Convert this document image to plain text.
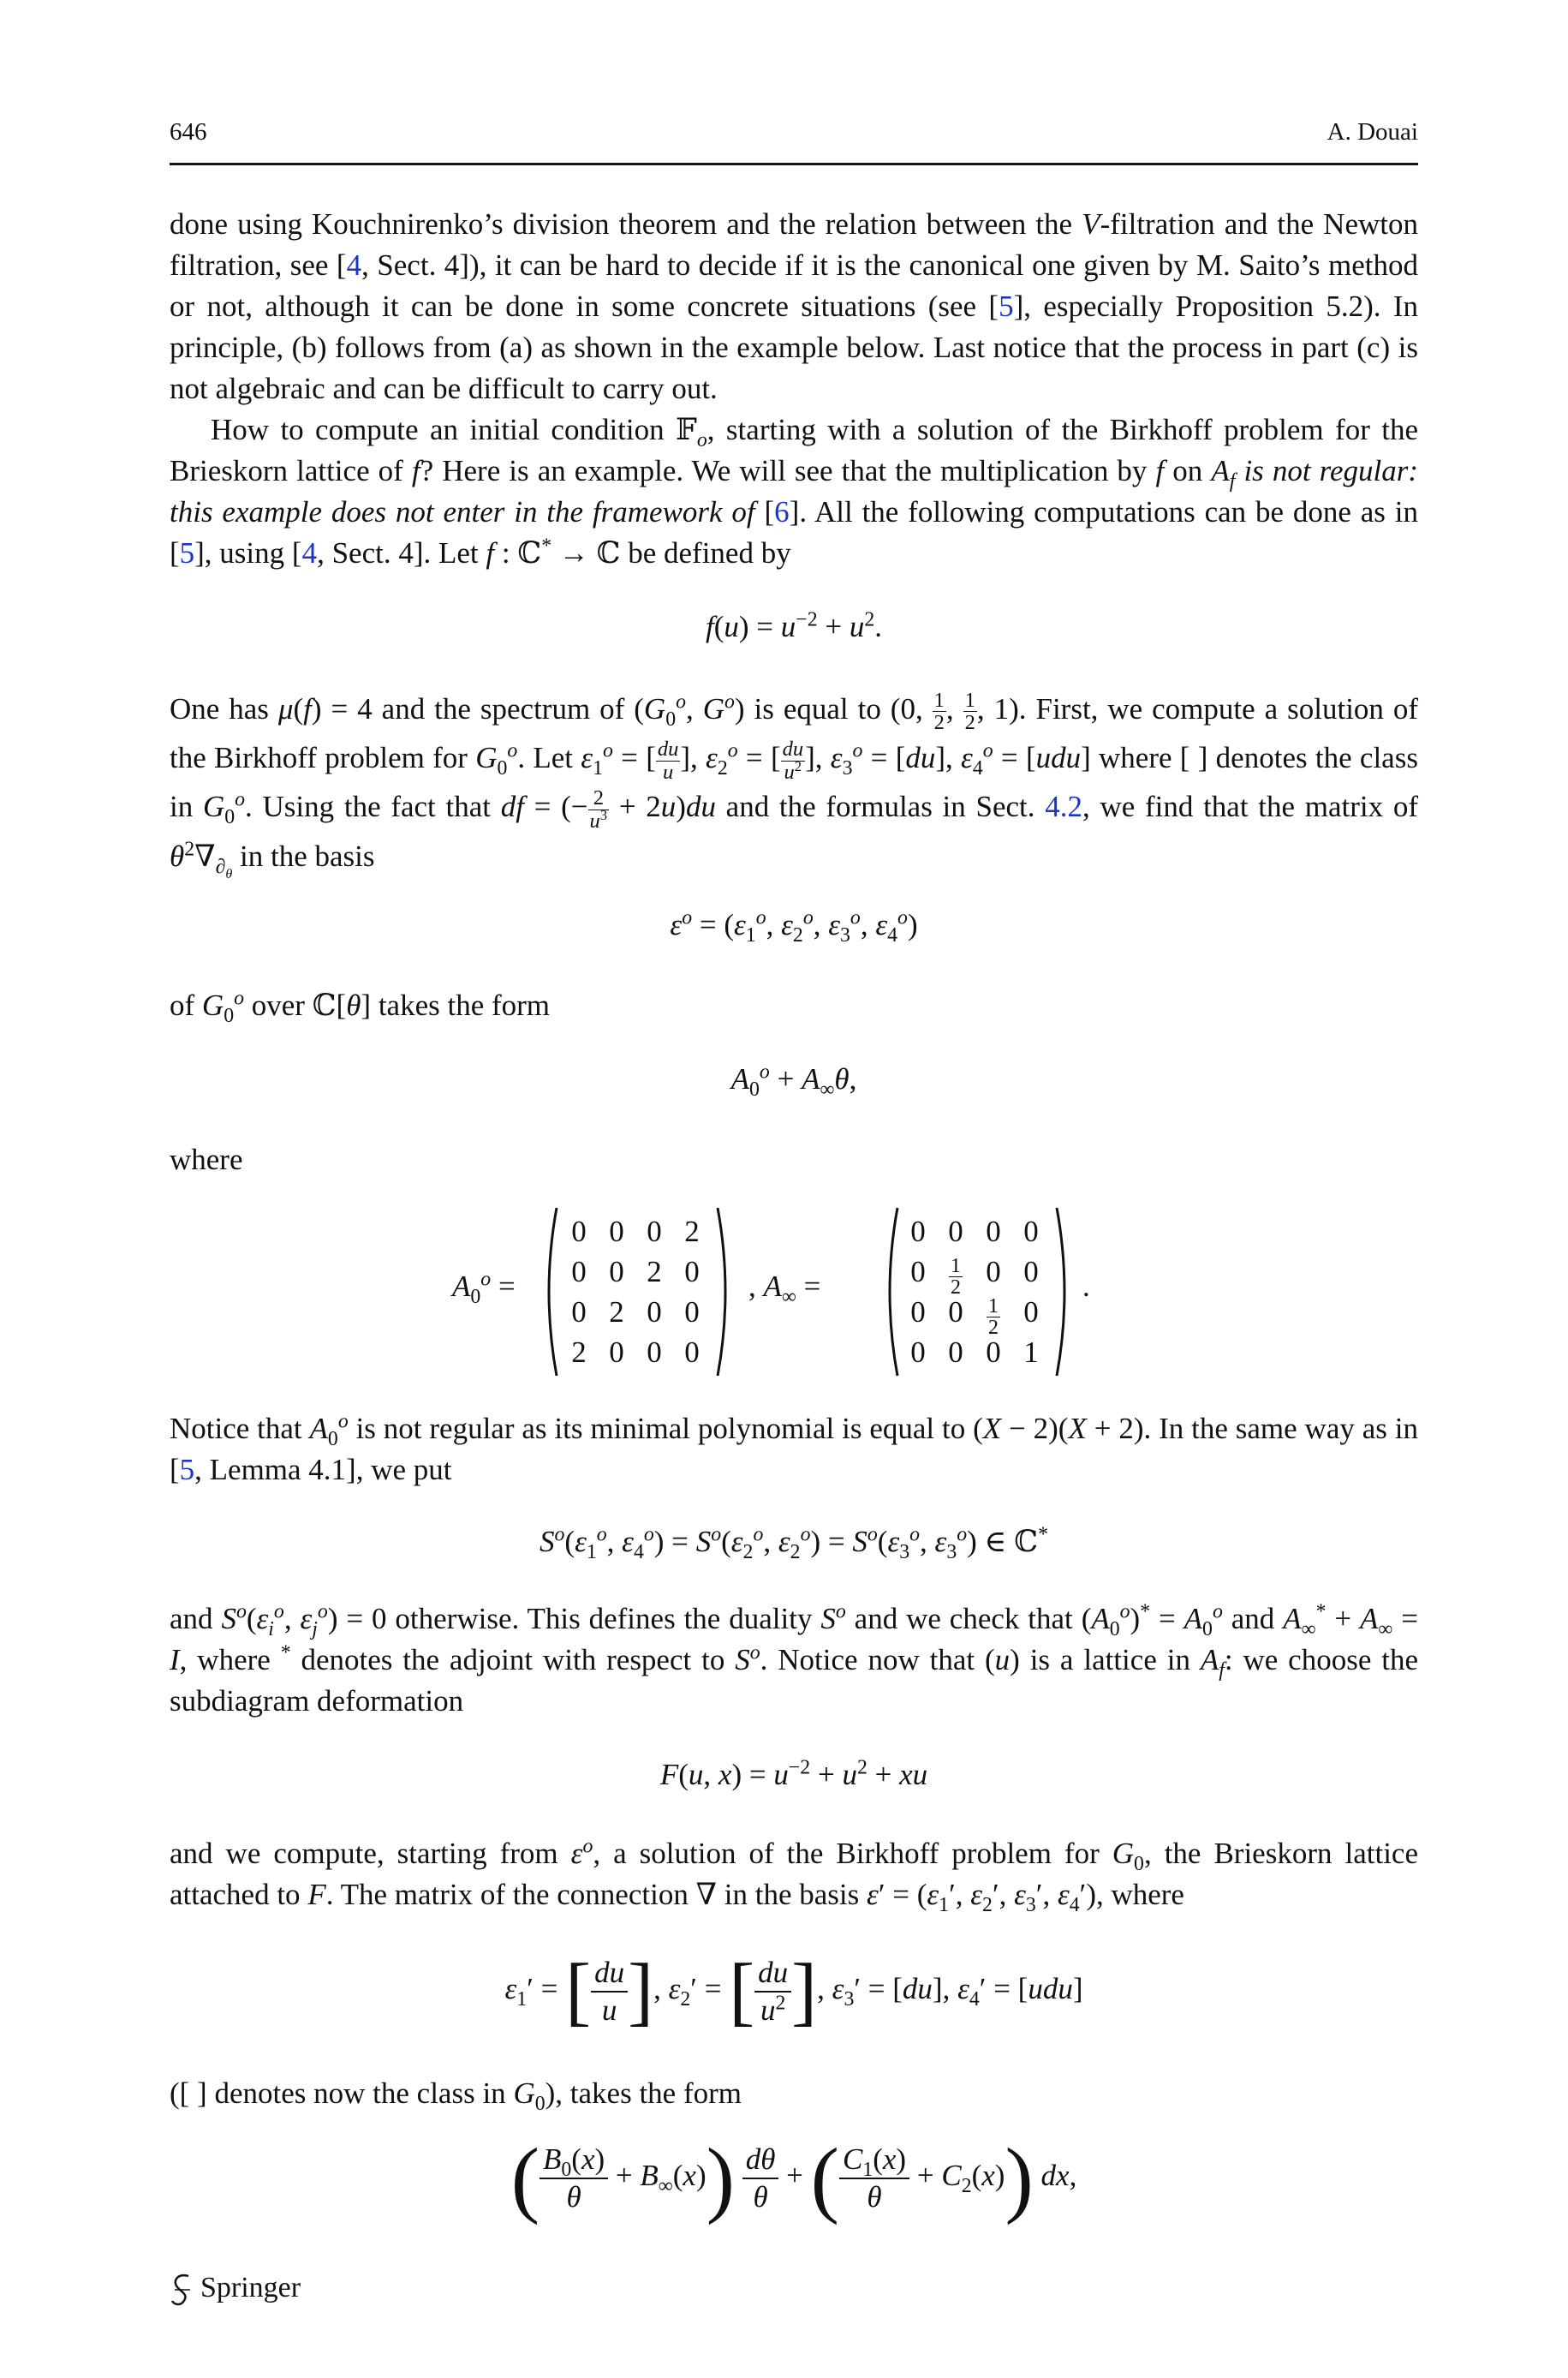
646	A. Douai

done using Kouchnirenko’s division theorem and the relation between the V-filtration and the Newton filtration, see [4, Sect. 4]), it can be hard to decide if it is the canonical one given by M. Saito’s method or not, although it can be done in some concrete situations (see [5], especially Proposition 5.2). In principle, (b) follows from (a) as shown in the example below. Last notice that the process in part (c) is not algebraic and can be difficult to carry out.

How to compute an initial condition 𝔽$_o$, starting with a solution of the Birkhoff problem for the Brieskorn lattice of f? Here is an example. We will see that the multiplication by f on $A_f$ is not regular: this example does not enter in the framework of [6]. All the following computations can be done as in [5], using [4, Sect. 4]. Let f : ℂ* → ℂ be defined by

$f(u) = u^{-2} + u^2$.

One has μ(f) = 4 and the spectrum of ($G_0^o$, $G^o$) is equal to (0, $\frac{1}{2}$ , $\frac{1}{2}$ , 1). First, we compute a solution of the Birkhoff problem for $G_0^o$. Let $\varepsilon_1^o$ = [ $\frac{du}{u}$ ], $\varepsilon_2^o$ = [ $\frac{du}{u^2}$ ], $\varepsilon_3^o = [du]$, $\varepsilon_4^o = [udu]$ where [ ] denotes the class in $G_0^o$. Using the fact that df = (− $\frac{2}{u^3} + 2u)du$ and the formulas in Sect. 4.2, we find that the matrix of $\theta^2\nabla_{\partial_\theta}$ in the basis

$\varepsilon^o = (\varepsilon_1^o$, $\varepsilon_2^o$, $\varepsilon_3^o$, $\varepsilon_4^o$)

of $G_0^o$ over ℂ[θ] takes the form

$A_0^o + A_\infty\theta$,

where

$A_0^o$ =
0 0 0 2
0 0 2 0
0 2 0 0
2 0 0 0
, $A_\infty$ =
0 0 0 0
0	$\frac{1}{2} 0$ 0
0 0	$\frac{1}{2} 0$
0 0 0 1
.

Notice that $A_0^o$ is not regular as its minimal polynomial is equal to (X − 2)(X + 2). In the same way as in [5, Lemma 4.1], we put

$S^o(\varepsilon_1^o$, $\varepsilon_4^o) = S^o(\varepsilon_2^o$, $\varepsilon_2^o) = S^o(\varepsilon_3^o$, $\varepsilon_3^o$) ∈ ℂ*

and $S^o(\varepsilon_i^o$, $\varepsilon_j^o) = 0$ otherwise. This defines the duality $S^o$ and we check that $(A_0^o)^* = A_0^o$ and $A_\infty^* + A_\infty = I$, where * denotes the adjoint with respect to $S^o$. Notice now that (u) is a lattice in $A_f$: we choose the subdiagram deformation

F(u, $x) = u^{-2} + u^2$ + xu

and we compute, starting from $\varepsilon^o$, a solution of the Birkhoff problem for $G_0$, the Brieskorn lattice attached to F. The matrix of the connection ∇ in the basis $\varepsilon' = (\varepsilon_1'$, $\varepsilon_2'$, $\varepsilon_3'$, $\varepsilon_4'$), where

$\varepsilon_1'$ = [ $\frac{du}{u}$ ], $\varepsilon_2'$ = [ $\frac{du}{u^2}$ ], $\varepsilon_3' = [du]$, $\varepsilon_4' = [udu]$

([ ] denotes now the class in $G_0$), takes the form

( $\frac{B_0(x)}{\theta} + B_\infty(x)) \frac{d\theta}{\theta}$ + ( $\frac{C_1(x)}{\theta} + C_2(x)$) dx,
Springer
